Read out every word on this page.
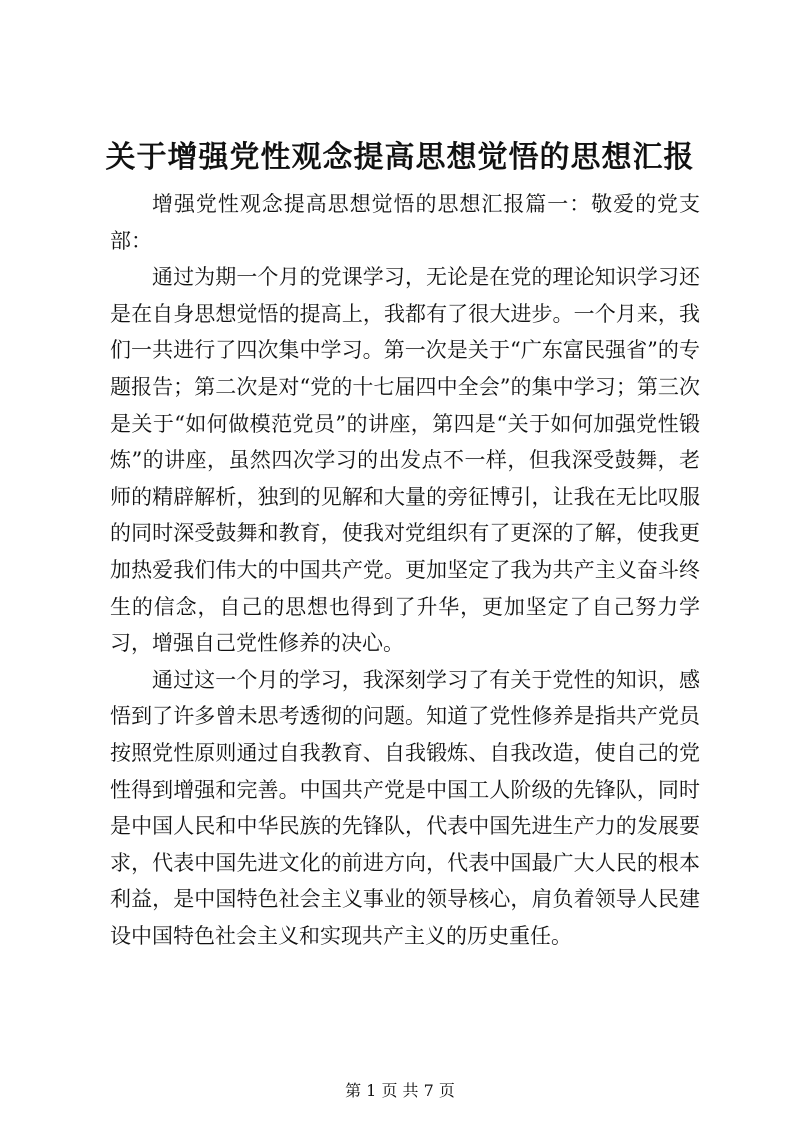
关于增强党性观念提高思想觉悟的思想汇报

增强党性观念提高思想觉悟的思想汇报篇一：敬爱的党支部：

通过为期一个月的党课学习，无论是在党的理论知识学习还是在自身思想觉悟的提高上，我都有了很大进步。一个月来，我们一共进行了四次集中学习。第一次是关于“广东富民强省”的专题报告；第二次是对“党的十七届四中全会”的集中学习；第三次是关于“如何做模范党员”的讲座，第四是“关于如何加强党性锻炼”的讲座，虽然四次学习的出发点不一样，但我深受鼓舞，老师的精辟解析，独到的见解和大量的旁征博引，让我在无比叹服的同时深受鼓舞和教育，使我对党组织有了更深的了解，使我更加热爱我们伟大的中国共产党。更加坚定了我为共产主义奋斗终生的信念，自己的思想也得到了升华，更加坚定了自己努力学习，增强自己党性修养的决心。

通过这一个月的学习，我深刻学习了有关于党性的知识，感悟到了许多曾未思考透彻的问题。知道了党性修养是指共产党员按照党性原则通过自我教育、自我锻炼、自我改造，使自己的党性得到增强和完善。中国共产党是中国工人阶级的先锋队，同时是中国人民和中华民族的先锋队，代表中国先进生产力的发展要求，代表中国先进文化的前进方向，代表中国最广大人民的根本利益，是中国特色社会主义事业的领导核心，肩负着领导人民建设中国特色社会主义和实现共产主义的历史重任。

第 1 页 共 7 页
